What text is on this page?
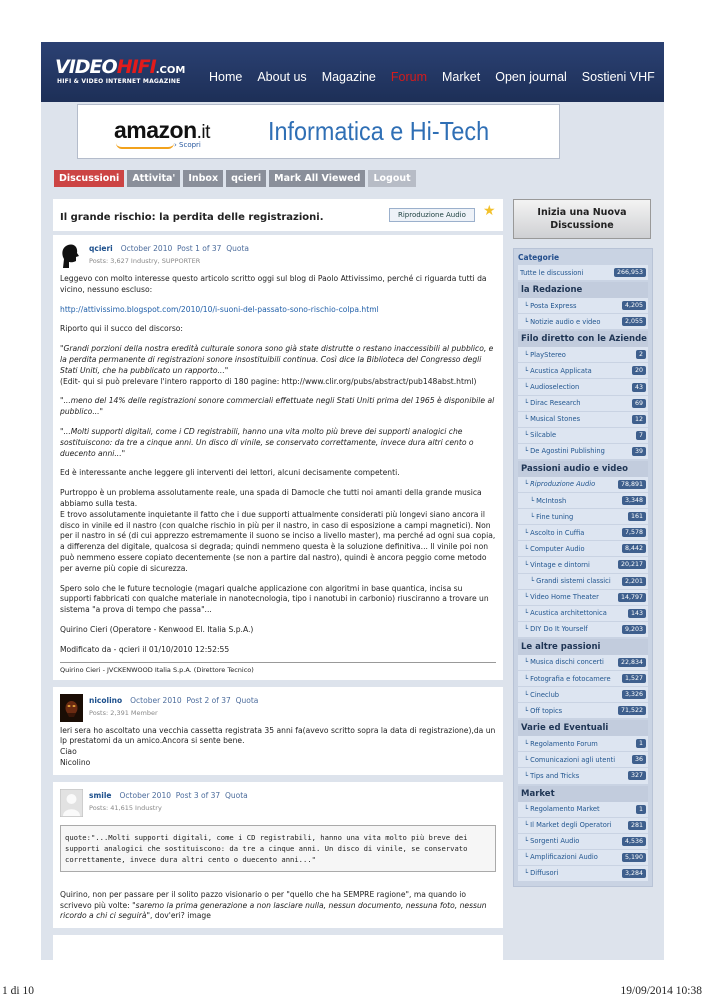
VIDEOHIFI.COM
HIFI & VIDEO INTERNET MAGAZINE Home About us Magazine Forum Market Open journal Sostieni VHF
amazon.it
› Scopri	Informatica e Hi-Tech
Discussioni	Attivita'	Inbox	qcieri	Mark All Viewed	Logout
Il grande rischio: la perdita delle registrazioni.	Riproduzione Audio	★
qcieri October 2010 Post 1 of 37 Quota
Posts: 3,627 Industry, SUPPORTER

Leggevo con molto interesse questo articolo scritto oggi sul blog di Paolo Attivissimo, perché ci riguarda tutti da vicino, nessuno escluso:

http://attivissimo.blogspot.com/2010/10/i-suoni-del-passato-sono-rischio-colpa.html

Riporto qui il succo del discorso:

"Grandi porzioni della nostra eredità culturale sonora sono già state distrutte o restano inaccessibili al pubblico, e la perdita permanente di registrazioni sonore insostituibili continua. Così dice la Biblioteca del Congresso degli Stati Uniti, che ha pubblicato un rapporto..."

(Edit- qui si può prelevare l'intero rapporto di 180 pagine: http://www.clir.org/pubs/abstract/pub148abst.html)

"...meno del 14% delle registrazioni sonore commerciali effettuate negli Stati Uniti prima del 1965 è disponibile al pubblico..."

"...Molti supporti digitali, come i CD registrabili, hanno una vita molto più breve dei supporti analogici che sostituiscono: da tre a cinque anni. Un disco di vinile, se conservato correttamente, invece dura altri cento o duecento anni..."

Ed è interessante anche leggere gli interventi dei lettori, alcuni decisamente competenti.

Purtroppo è un problema assolutamente reale, una spada di Damocle che tutti noi amanti della grande musica abbiamo sulla testa.

E trovo assolutamente inquietante il fatto che i due supporti attualmente considerati più longevi siano ancora il disco in vinile ed il nastro (con qualche rischio in più per il nastro, in caso di esposizione a campi magnetici). Non per il nastro in sé (di cui apprezzo estremamente il suono se inciso a livello master), ma perché ad ogni sua copia, a differenza del digitale, qualcosa si degrada; quindi nemmeno questa è la soluzione definitiva... Il vinile poi non può nemmeno essere copiato decentemente (se non a partire dal nastro), quindi è ancora peggio come metodo per averne più copie di sicurezza.

Spero solo che le future tecnologie (magari qualche applicazione con algoritmi in base quantica, incisa su supporti fabbricati con qualche materiale in nanotecnologia, tipo i nanotubi in carbonio) riusciranno a trovare un sistema "a prova di tempo che passa"...

Quirino Cieri (Operatore - Kenwood El. Italia S.p.A.)

Modificato da - qcieri il 01/10/2010 12:52:55

Quirino Cieri - JVCKENWOOD Italia S.p.A. (Direttore Tecnico)
nicolino October 2010 Post 2 of 37 Quota
Posts: 2,391 Member
Ieri sera ho ascoltato una vecchia cassetta registrata 35 anni fa(avevo scritto sopra la data di registrazione),da un lp prestatomi da un amico.Ancora si sente bene.
Ciao
Nicolino
smile October 2010 Post 3 of 37 Quota
Posts: 41,615 Industry
quote:"...Molti supporti digitali, come i CD registrabili, hanno una vita molto più breve dei supporti analogici che sostituiscono: da tre a cinque anni. Un disco di vinile, se conservato correttamente, invece dura altri cento o duecento anni..."
Quirino, non per passare per il solito pazzo visionario o per "quello che ha SEMPRE ragione", ma quando io scrivevo più volte: "saremo la prima generazione a non lasciare nulla, nessun documento, nessuna foto, nessun ricordo a chi ci seguirà", dov'eri? image
Inizia una Nuova Discussione
Categorie
Tutte le discussioni	266,953
la Redazione
└ Posta Express	4,205
└ Notizie audio e video	2,055
Filo diretto con le Aziende
└ PlayStereo	2
└ Acustica Applicata	20
└ Audioselection	43
└ Dirac Research	69
└ Musical Stones	12
└ Silcable	7
└ De Agostini Publishing	39
Passioni audio e video
└ Riproduzione Audio	78,891
└ McIntosh	3,348
└ Fine tuning	161
└ Ascolto in Cuffia	7,578
└ Computer Audio	8,442
└ Vintage e dintorni	20,217
└ Grandi sistemi classici	2,201
└ Video Home Theater	14,797
└ Acustica architettonica	143
└ DIY Do It Yourself	9,203
Le altre passioni
└ Musica dischi concerti	22,834
└ Fotografia e fotocamere	1,527
└ Cineclub	3,326
└ Off topics	71,522
Varie ed Eventuali
└ Regolamento Forum	1
└ Comunicazioni agli utenti	36
└ Tips and Tricks	327
Market
└ Regolamento Market	1
└ Il Market degli Operatori	281
└ Sorgenti Audio	4,536
└ Amplificazioni Audio	5,190
└ Diffusori	3,284
1 di 10	19/09/2014 10:38
